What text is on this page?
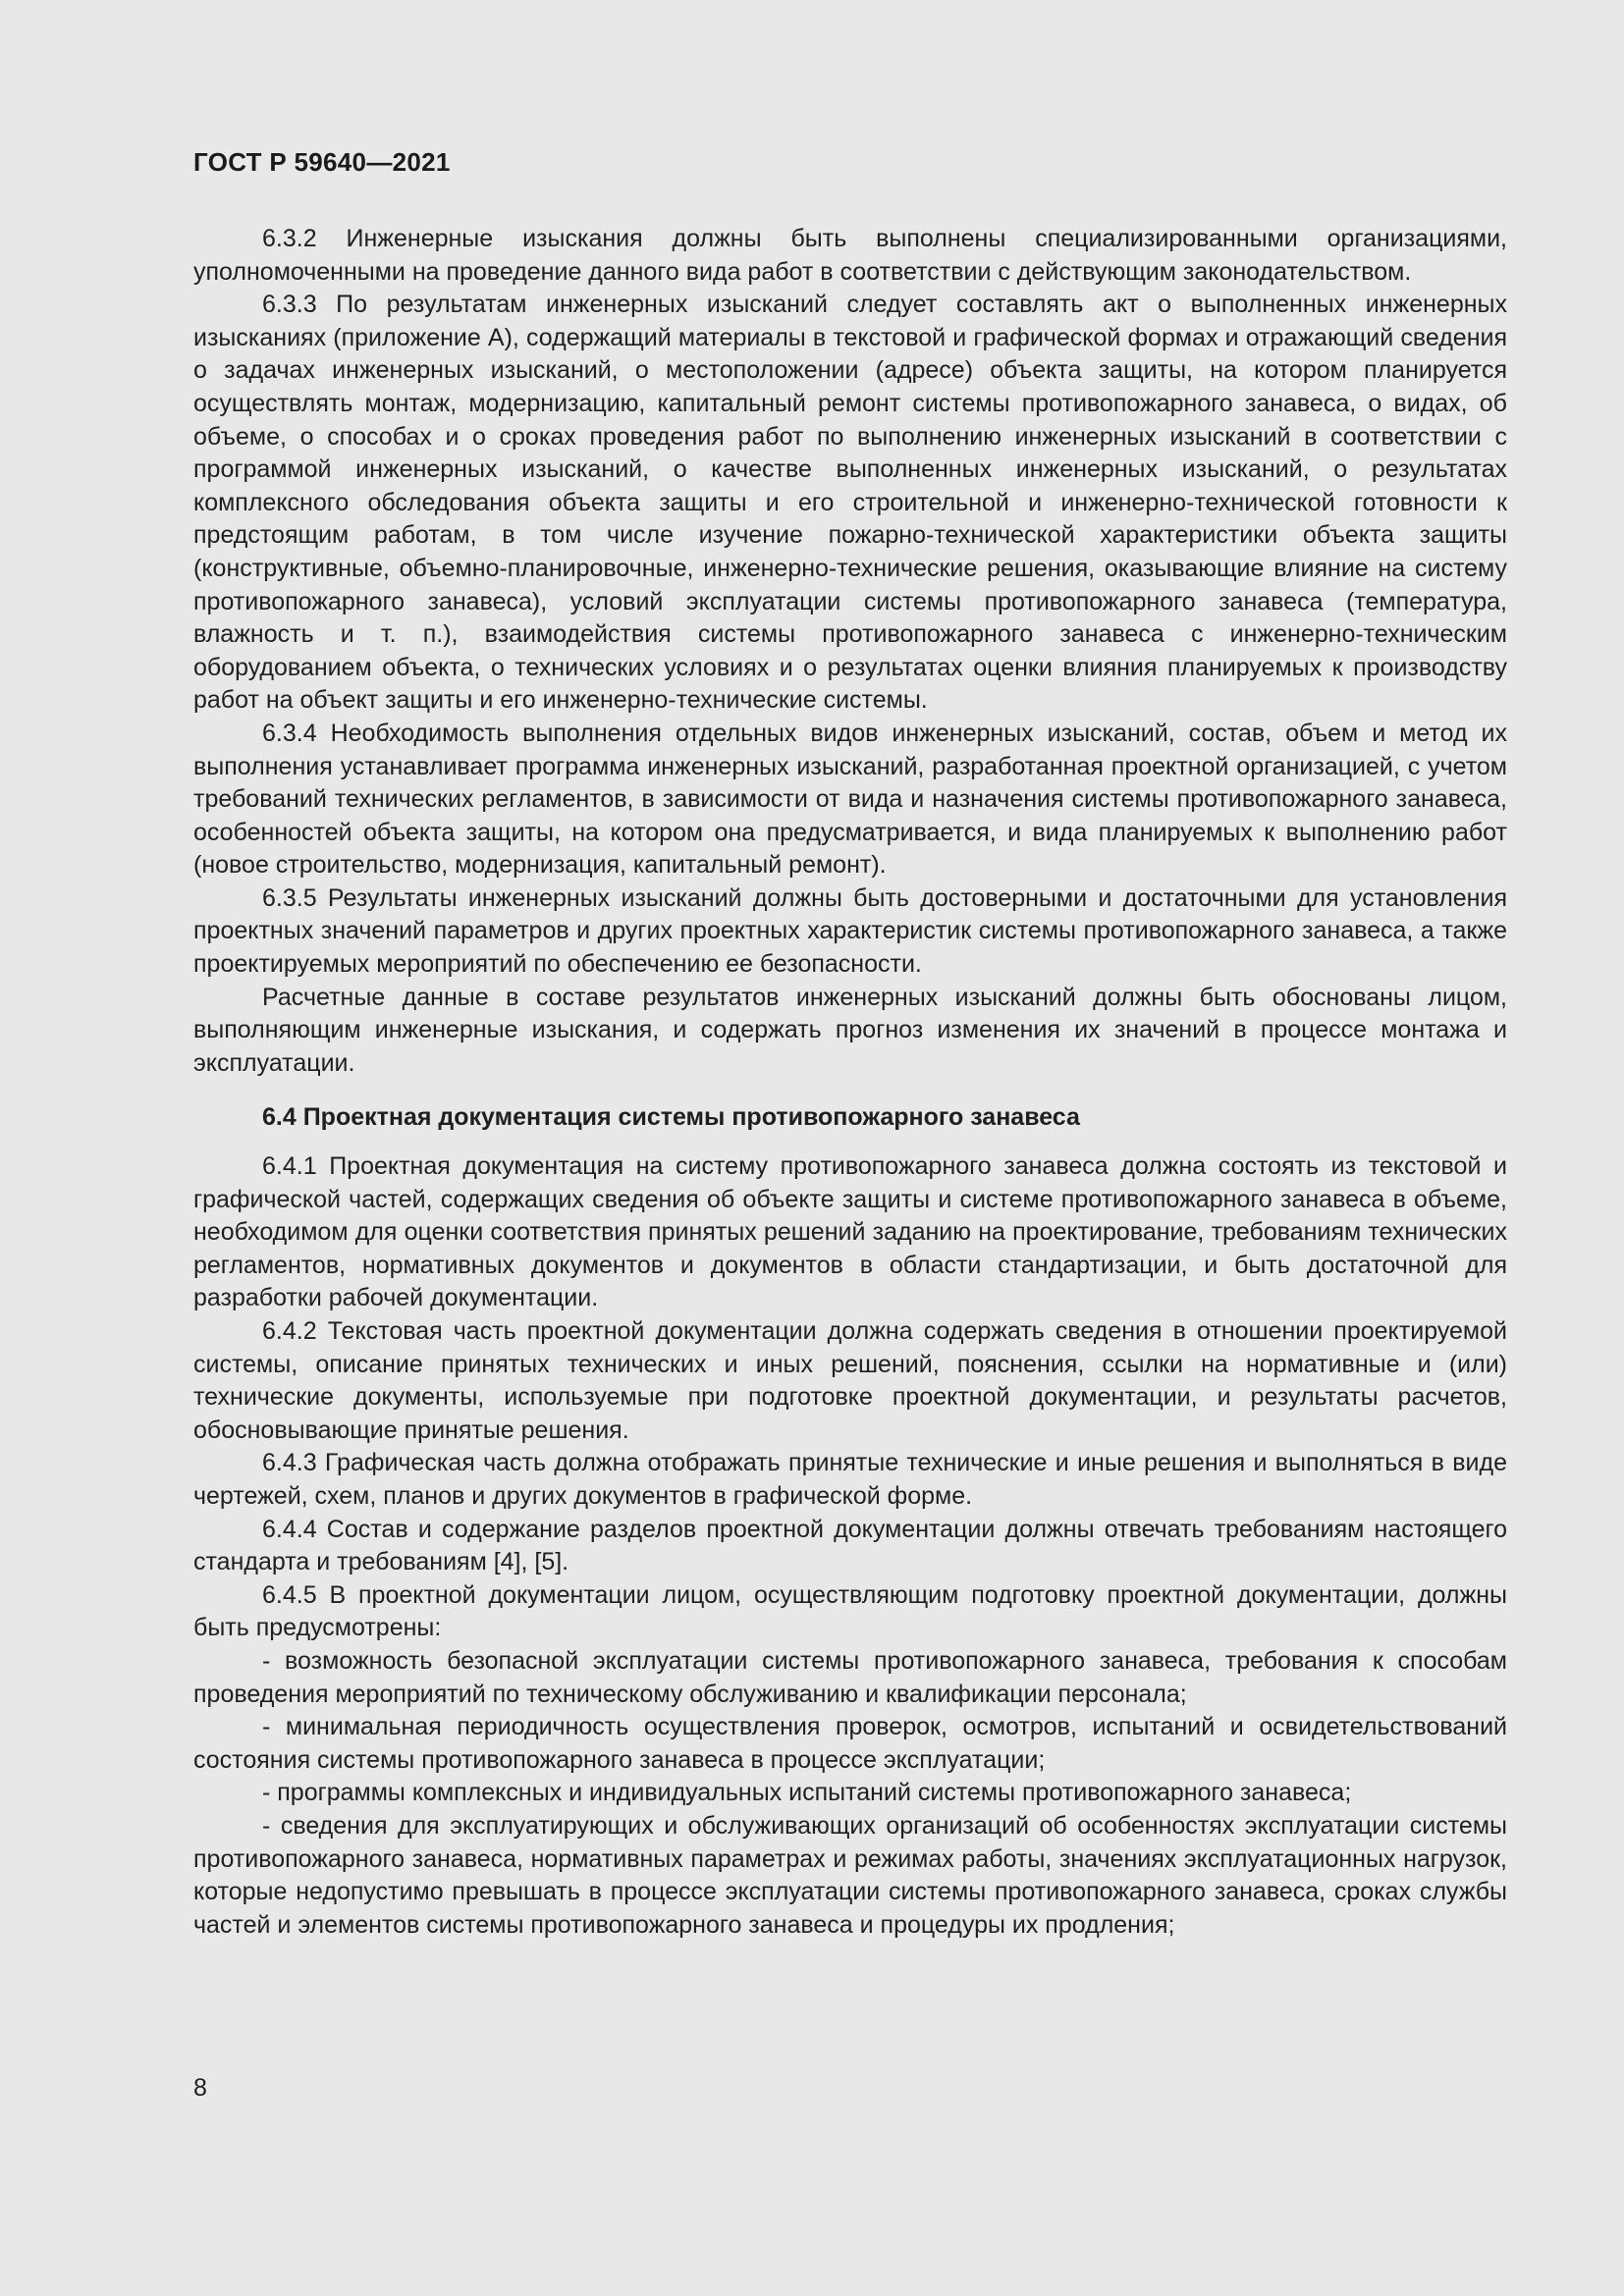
ГОСТ Р 59640—2021

6.3.2 Инженерные изыскания должны быть выполнены специализированными организациями, уполномоченными на проведение данного вида работ в соответствии с действующим законодательством.

6.3.3 По результатам инженерных изысканий следует составлять акт о выполненных инженерных изысканиях (приложение А), содержащий материалы в текстовой и графической формах и отражающий сведения о задачах инженерных изысканий, о местоположении (адресе) объекта защиты, на котором планируется осуществлять монтаж, модернизацию, капитальный ремонт системы противопожарного занавеса, о видах, об объеме, о способах и о сроках проведения работ по выполнению инженерных изысканий в соответствии с программой инженерных изысканий, о качестве выполненных инженерных изысканий, о результатах комплексного обследования объекта защиты и его строительной и инженерно-технической готовности к предстоящим работам, в том числе изучение пожарно-технической характеристики объекта защиты (конструктивные, объемно-планировочные, инженерно-технические решения, оказывающие влияние на систему противопожарного занавеса), условий эксплуатации системы противопожарного занавеса (температура, влажность и т. п.), взаимодействия системы противопожарного занавеса с инженерно-техническим оборудованием объекта, о технических условиях и о результатах оценки влияния планируемых к производству работ на объект защиты и его инженерно-технические системы.

6.3.4 Необходимость выполнения отдельных видов инженерных изысканий, состав, объем и метод их выполнения устанавливает программа инженерных изысканий, разработанная проектной организацией, с учетом требований технических регламентов, в зависимости от вида и назначения системы противопожарного занавеса, особенностей объекта защиты, на котором она предусматривается, и вида планируемых к выполнению работ (новое строительство, модернизация, капитальный ремонт).

6.3.5 Результаты инженерных изысканий должны быть достоверными и достаточными для установления проектных значений параметров и других проектных характеристик системы противопожарного занавеса, а также проектируемых мероприятий по обеспечению ее безопасности.

Расчетные данные в составе результатов инженерных изысканий должны быть обоснованы лицом, выполняющим инженерные изыскания, и содержать прогноз изменения их значений в процессе монтажа и эксплуатации.

6.4 Проектная документация системы противопожарного занавеса

6.4.1 Проектная документация на систему противопожарного занавеса должна состоять из текстовой и графической частей, содержащих сведения об объекте защиты и системе противопожарного занавеса в объеме, необходимом для оценки соответствия принятых решений заданию на проектирование, требованиям технических регламентов, нормативных документов и документов в области стандартизации, и быть достаточной для разработки рабочей документации.

6.4.2 Текстовая часть проектной документации должна содержать сведения в отношении проектируемой системы, описание принятых технических и иных решений, пояснения, ссылки на нормативные и (или) технические документы, используемые при подготовке проектной документации, и результаты расчетов, обосновывающие принятые решения.

6.4.3 Графическая часть должна отображать принятые технические и иные решения и выполняться в виде чертежей, схем, планов и других документов в графической форме.

6.4.4 Состав и содержание разделов проектной документации должны отвечать требованиям настоящего стандарта и требованиям [4], [5].

6.4.5 В проектной документации лицом, осуществляющим подготовку проектной документации, должны быть предусмотрены:

- возможность безопасной эксплуатации системы противопожарного занавеса, требования к способам проведения мероприятий по техническому обслуживанию и квалификации персонала;

- минимальная периодичность осуществления проверок, осмотров, испытаний и освидетельствований состояния системы противопожарного занавеса в процессе эксплуатации;

- программы комплексных и индивидуальных испытаний системы противопожарного занавеса;

- сведения для эксплуатирующих и обслуживающих организаций об особенностях эксплуатации системы противопожарного занавеса, нормативных параметрах и режимах работы, значениях эксплуатационных нагрузок, которые недопустимо превышать в процессе эксплуатации системы противопожарного занавеса, сроках службы частей и элементов системы противопожарного занавеса и процедуры их продления;

8
